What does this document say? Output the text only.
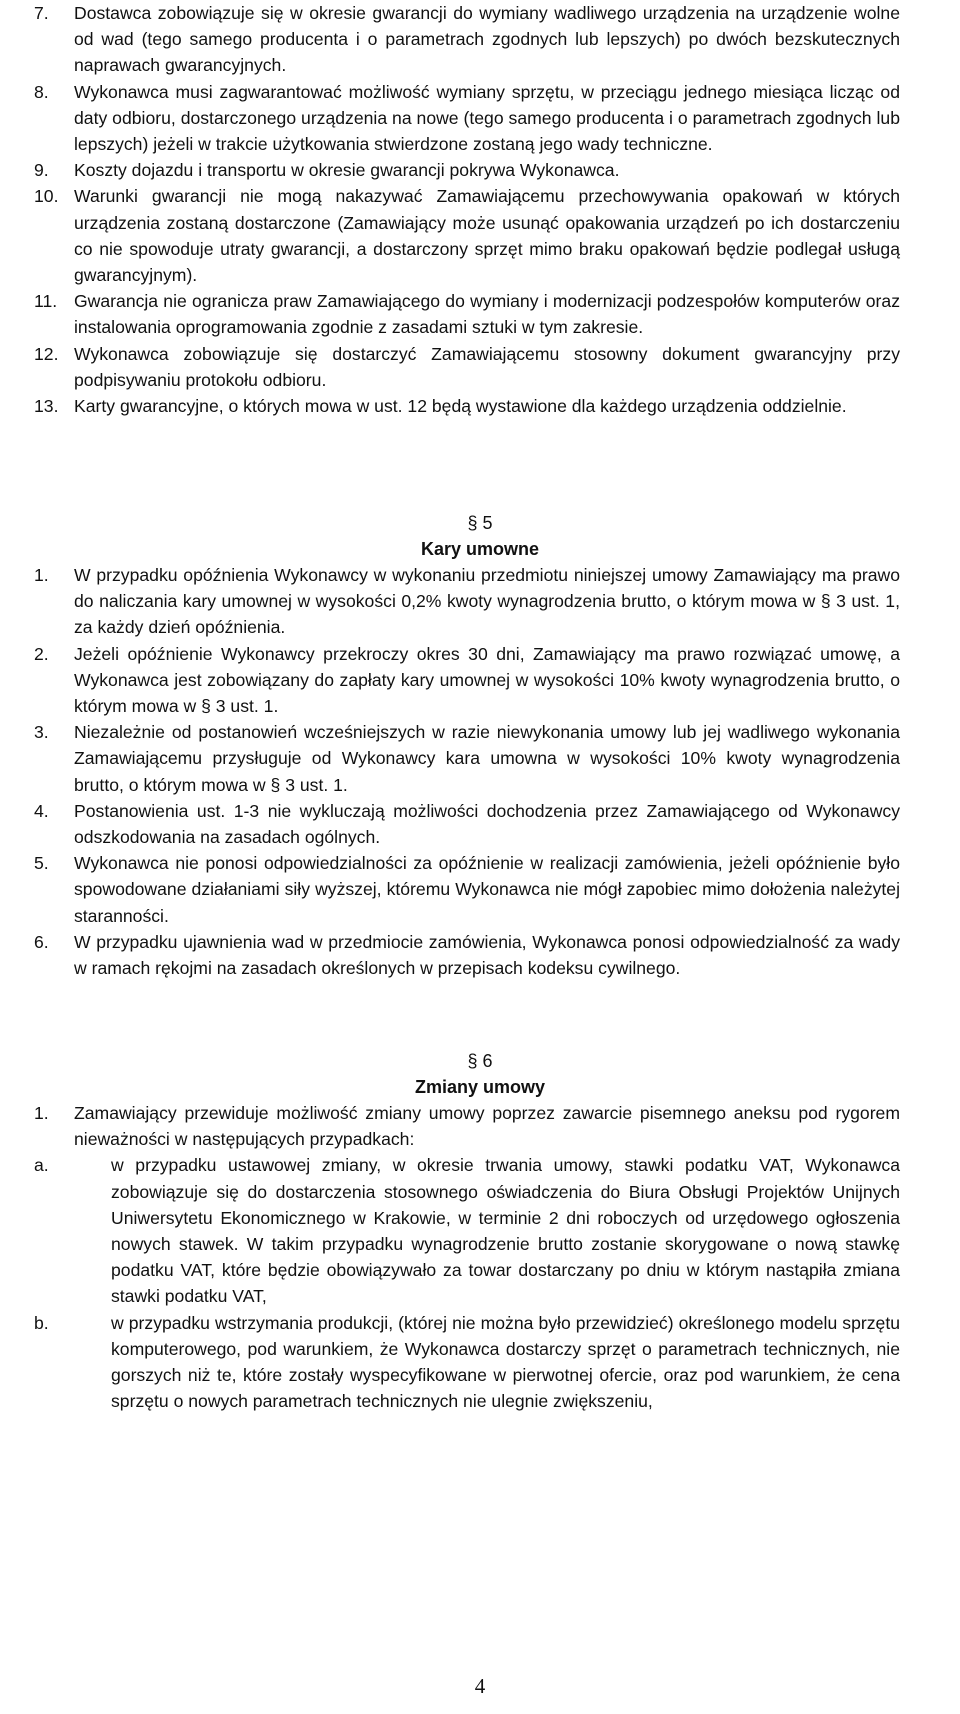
7. Dostawca zobowiązuje się w okresie gwarancji do wymiany wadliwego urządzenia na urządzenie wolne od wad (tego samego producenta i o parametrach zgodnych lub lepszych) po dwóch bezskutecznych naprawach gwarancyjnych.
8. Wykonawca musi zagwarantować możliwość wymiany sprzętu, w przeciągu jednego miesiąca licząc od daty odbioru, dostarczonego urządzenia na nowe (tego samego producenta i o parametrach zgodnych lub lepszych) jeżeli w trakcie użytkowania stwierdzone zostaną jego wady techniczne.
9. Koszty dojazdu i transportu w okresie gwarancji pokrywa Wykonawca.
10. Warunki gwarancji nie mogą nakazywać Zamawiającemu przechowywania opakowań w których urządzenia zostaną dostarczone (Zamawiający może usunąć opakowania urządzeń po ich dostarczeniu co nie spowoduje utraty gwarancji, a dostarczony sprzęt mimo braku opakowań będzie podlegał usługą gwarancyjnym).
11. Gwarancja nie ogranicza praw Zamawiającego do wymiany i modernizacji podzespołów komputerów oraz instalowania oprogramowania zgodnie z zasadami sztuki w tym zakresie.
12. Wykonawca zobowiązuje się dostarczyć Zamawiającemu stosowny dokument gwarancyjny przy podpisywaniu protokołu odbioru.
13. Karty gwarancyjne, o których mowa w ust. 12 będą wystawione dla każdego urządzenia oddzielnie.
§ 5
Kary umowne
1. W przypadku opóźnienia Wykonawcy w wykonaniu przedmiotu niniejszej umowy Zamawiający ma prawo do naliczania kary umownej w wysokości 0,2% kwoty wynagrodzenia brutto, o którym mowa w § 3 ust. 1, za każdy dzień opóźnienia.
2. Jeżeli opóźnienie Wykonawcy przekroczy okres 30 dni, Zamawiający ma prawo rozwiązać umowę, a Wykonawca jest zobowiązany do zapłaty kary umownej w wysokości 10% kwoty wynagrodzenia brutto, o którym mowa w § 3 ust. 1.
3. Niezależnie od postanowień wcześniejszych w razie niewykonania umowy lub jej wadliwego wykonania Zamawiającemu przysługuje od Wykonawcy kara umowna w wysokości 10% kwoty wynagrodzenia brutto, o którym mowa w § 3 ust. 1.
4. Postanowienia ust. 1-3 nie wykluczają możliwości dochodzenia przez Zamawiającego od Wykonawcy odszkodowania na zasadach ogólnych.
5. Wykonawca nie ponosi odpowiedzialności za opóźnienie w realizacji zamówienia, jeżeli opóźnienie było spowodowane działaniami siły wyższej, któremu Wykonawca nie mógł zapobiec mimo dołożenia należytej staranności.
6. W przypadku ujawnienia wad w przedmiocie zamówienia, Wykonawca ponosi odpowiedzialność za wady w ramach rękojmi na zasadach określonych w przepisach kodeksu cywilnego.
§ 6
Zmiany umowy
1. Zamawiający przewiduje możliwość zmiany umowy poprzez zawarcie pisemnego aneksu pod rygorem nieważności w następujących przypadkach:
a.	w przypadku ustawowej zmiany, w okresie trwania umowy, stawki podatku VAT, Wykonawca zobowiązuje się do dostarczenia stosownego oświadczenia do Biura Obsługi Projektów Unijnych Uniwersytetu Ekonomicznego w Krakowie, w terminie 2 dni roboczych od urzędowego ogłoszenia nowych stawek. W takim przypadku wynagrodzenie brutto zostanie skorygowane o nową stawkę podatku VAT, które będzie obowiązywało za towar dostarczany po dniu w którym nastąpiła zmiana stawki podatku VAT,
b.	w przypadku wstrzymania produkcji, (której nie można było przewidzieć) określonego modelu sprzętu komputerowego, pod warunkiem, że Wykonawca dostarczy sprzęt o parametrach technicznych, nie gorszych niż te, które zostały wyspecyfikowane w pierwotnej ofercie, oraz pod warunkiem, że cena sprzętu o nowych parametrach technicznych nie ulegnie zwiększeniu,
4
